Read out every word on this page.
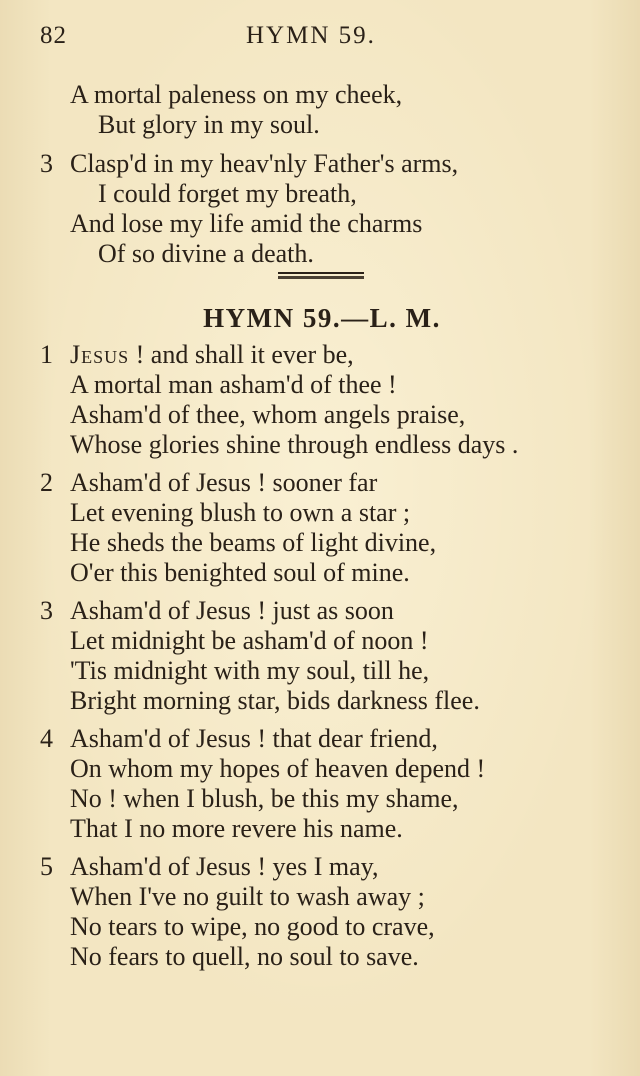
82	HYMN 59.
A mortal paleness on my cheek,
But glory in my soul.
3 Clasp'd in my heav'nly Father's arms,
I could forget my breath,
And lose my life amid the charms
Of so divine a death.
HYMN 59.—L. M.
1 Jesus ! and shall it ever be,
A mortal man asham'd of thee !
Asham'd of thee, whom angels praise,
Whose glories shine through endless days .
2 Asham'd of Jesus ! sooner far
Let evening blush to own a star ;
He sheds the beams of light divine,
O'er this benighted soul of mine.
3 Asham'd of Jesus ! just as soon
Let midnight be asham'd of noon !
'Tis midnight with my soul, till he,
Bright morning star, bids darkness flee.
4 Asham'd of Jesus ! that dear friend,
On whom my hopes of heaven depend !
No ! when I blush, be this my shame,
That I no more revere his name.
5 Asham'd of Jesus ! yes I may,
When I've no guilt to wash away ;
No tears to wipe, no good to crave,
No fears to quell, no soul to save.
